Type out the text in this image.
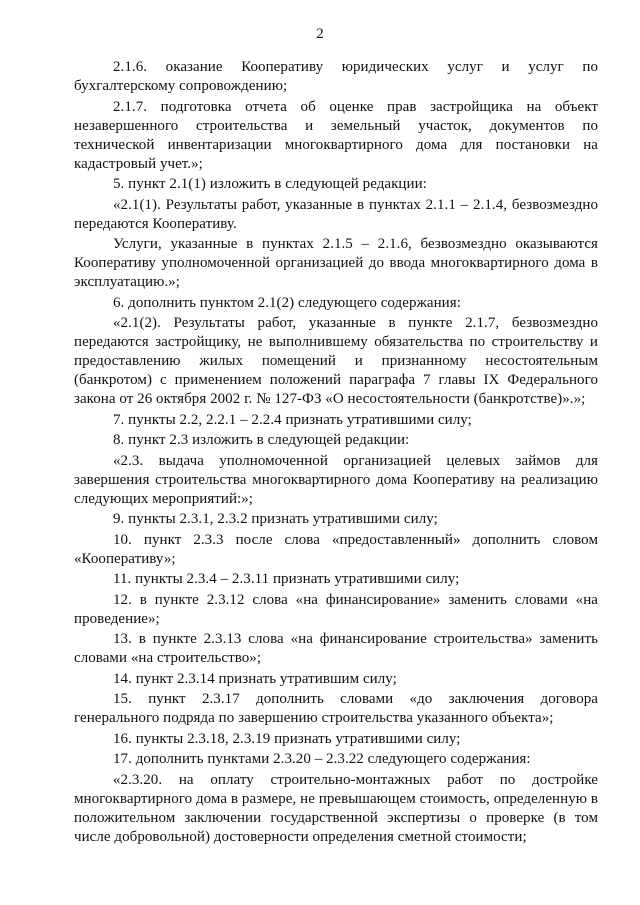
2

2.1.6. оказание Кооперативу юридических услуг и услуг по бухгалтерскому сопровождению;

2.1.7. подготовка отчета об оценке прав застройщика на объект незавершенного строительства и земельный участок, документов по технической инвентаризации многоквартирного дома для постановки на кадастровый учет.»;

5. пункт 2.1(1) изложить в следующей редакции:

«2.1(1). Результаты работ, указанные в пунктах 2.1.1 – 2.1.4, безвозмездно передаются Кооперативу.

Услуги, указанные в пунктах 2.1.5 – 2.1.6, безвозмездно оказываются Кооперативу уполномоченной организацией до ввода многоквартирного дома в эксплуатацию.»;

6. дополнить пунктом 2.1(2) следующего содержания:

«2.1(2). Результаты работ, указанные в пункте 2.1.7, безвозмездно передаются застройщику, не выполнившему обязательства по строительству и предоставлению жилых помещений и признанному несостоятельным (банкротом) с применением положений параграфа 7 главы IX Федерального закона от 26 октября 2002 г. № 127-ФЗ «О несостоятельности (банкротстве)».»;

7. пункты 2.2, 2.2.1 – 2.2.4 признать утратившими силу;

8. пункт 2.3 изложить в следующей редакции:

«2.3. выдача уполномоченной организацией целевых займов для завершения строительства многоквартирного дома Кооперативу на реализацию следующих мероприятий:»;

9. пункты 2.3.1, 2.3.2 признать утратившими силу;

10. пункт 2.3.3 после слова «предоставленный» дополнить словом «Кооперативу»;

11. пункты 2.3.4 – 2.3.11 признать утратившими силу;

12. в пункте 2.3.12 слова «на финансирование» заменить словами «на проведение»;

13. в пункте 2.3.13 слова «на финансирование строительства» заменить словами «на строительство»;

14. пункт 2.3.14 признать утратившим силу;

15. пункт 2.3.17 дополнить словами «до заключения договора генерального подряда по завершению строительства указанного объекта»;

16. пункты 2.3.18, 2.3.19 признать утратившими силу;

17. дополнить пунктами 2.3.20 – 2.3.22 следующего содержания:

«2.3.20. на оплату строительно-монтажных работ по достройке многоквартирного дома в размере, не превышающем стоимость, определенную в положительном заключении государственной экспертизы о проверке (в том числе добровольной) достоверности определения сметной стоимости;
